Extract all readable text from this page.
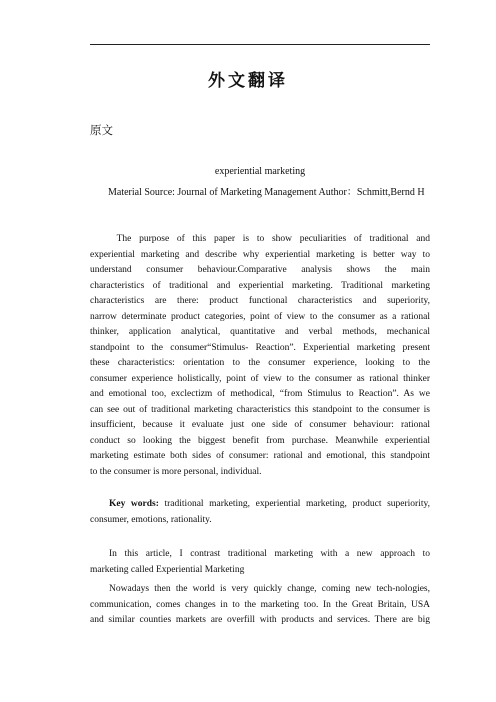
外文翻译
原文
experiential marketing
Material Source: Journal of Marketing Management Author：Schmitt,Bernd H
The purpose of this paper is to show peculiarities of traditional and
experiential marketing and describe why experiential marketing is better way to
understand consumer behaviour.Comparative analysis shows the main
characteristics of traditional and experiential marketing. Traditional marketing
characteristics are there: product functional characteristics and superiority,
narrow determinate product categories, point of view to the consumer as a rational
thinker, application analytical, quantitative and verbal methods, mechanical
standpoint to the consumer“Stimulus- Reaction”. Experiential marketing present
these characteristics: orientation to the consumer experience, looking to the
consumer experience holistically, point of view to the consumer as rational thinker
and emotional too, exclectizm of methodical, “from Stimulus to Reaction”. As we
can see out of traditional marketing characteristics this standpoint to the consumer is
insufficient, because it evaluate just one side of consumer behaviour: rational
conduct so looking the biggest benefit from purchase. Meanwhile experiential
marketing estimate both sides of consumer: rational and emotional, this standpoint
to the consumer is more personal, individual.
Key words: traditional marketing, experiential marketing, product superiority,
consumer, emotions, rationality.
In this article, I contrast traditional marketing with a new approach to
marketing called Experiential Marketing
Nowadays then the world is very quickly change, coming new tech-nologies,
communication, comes changes in to the marketing too. In the Great Britain, USA
and similar counties markets are overfill with products and services. There are big
